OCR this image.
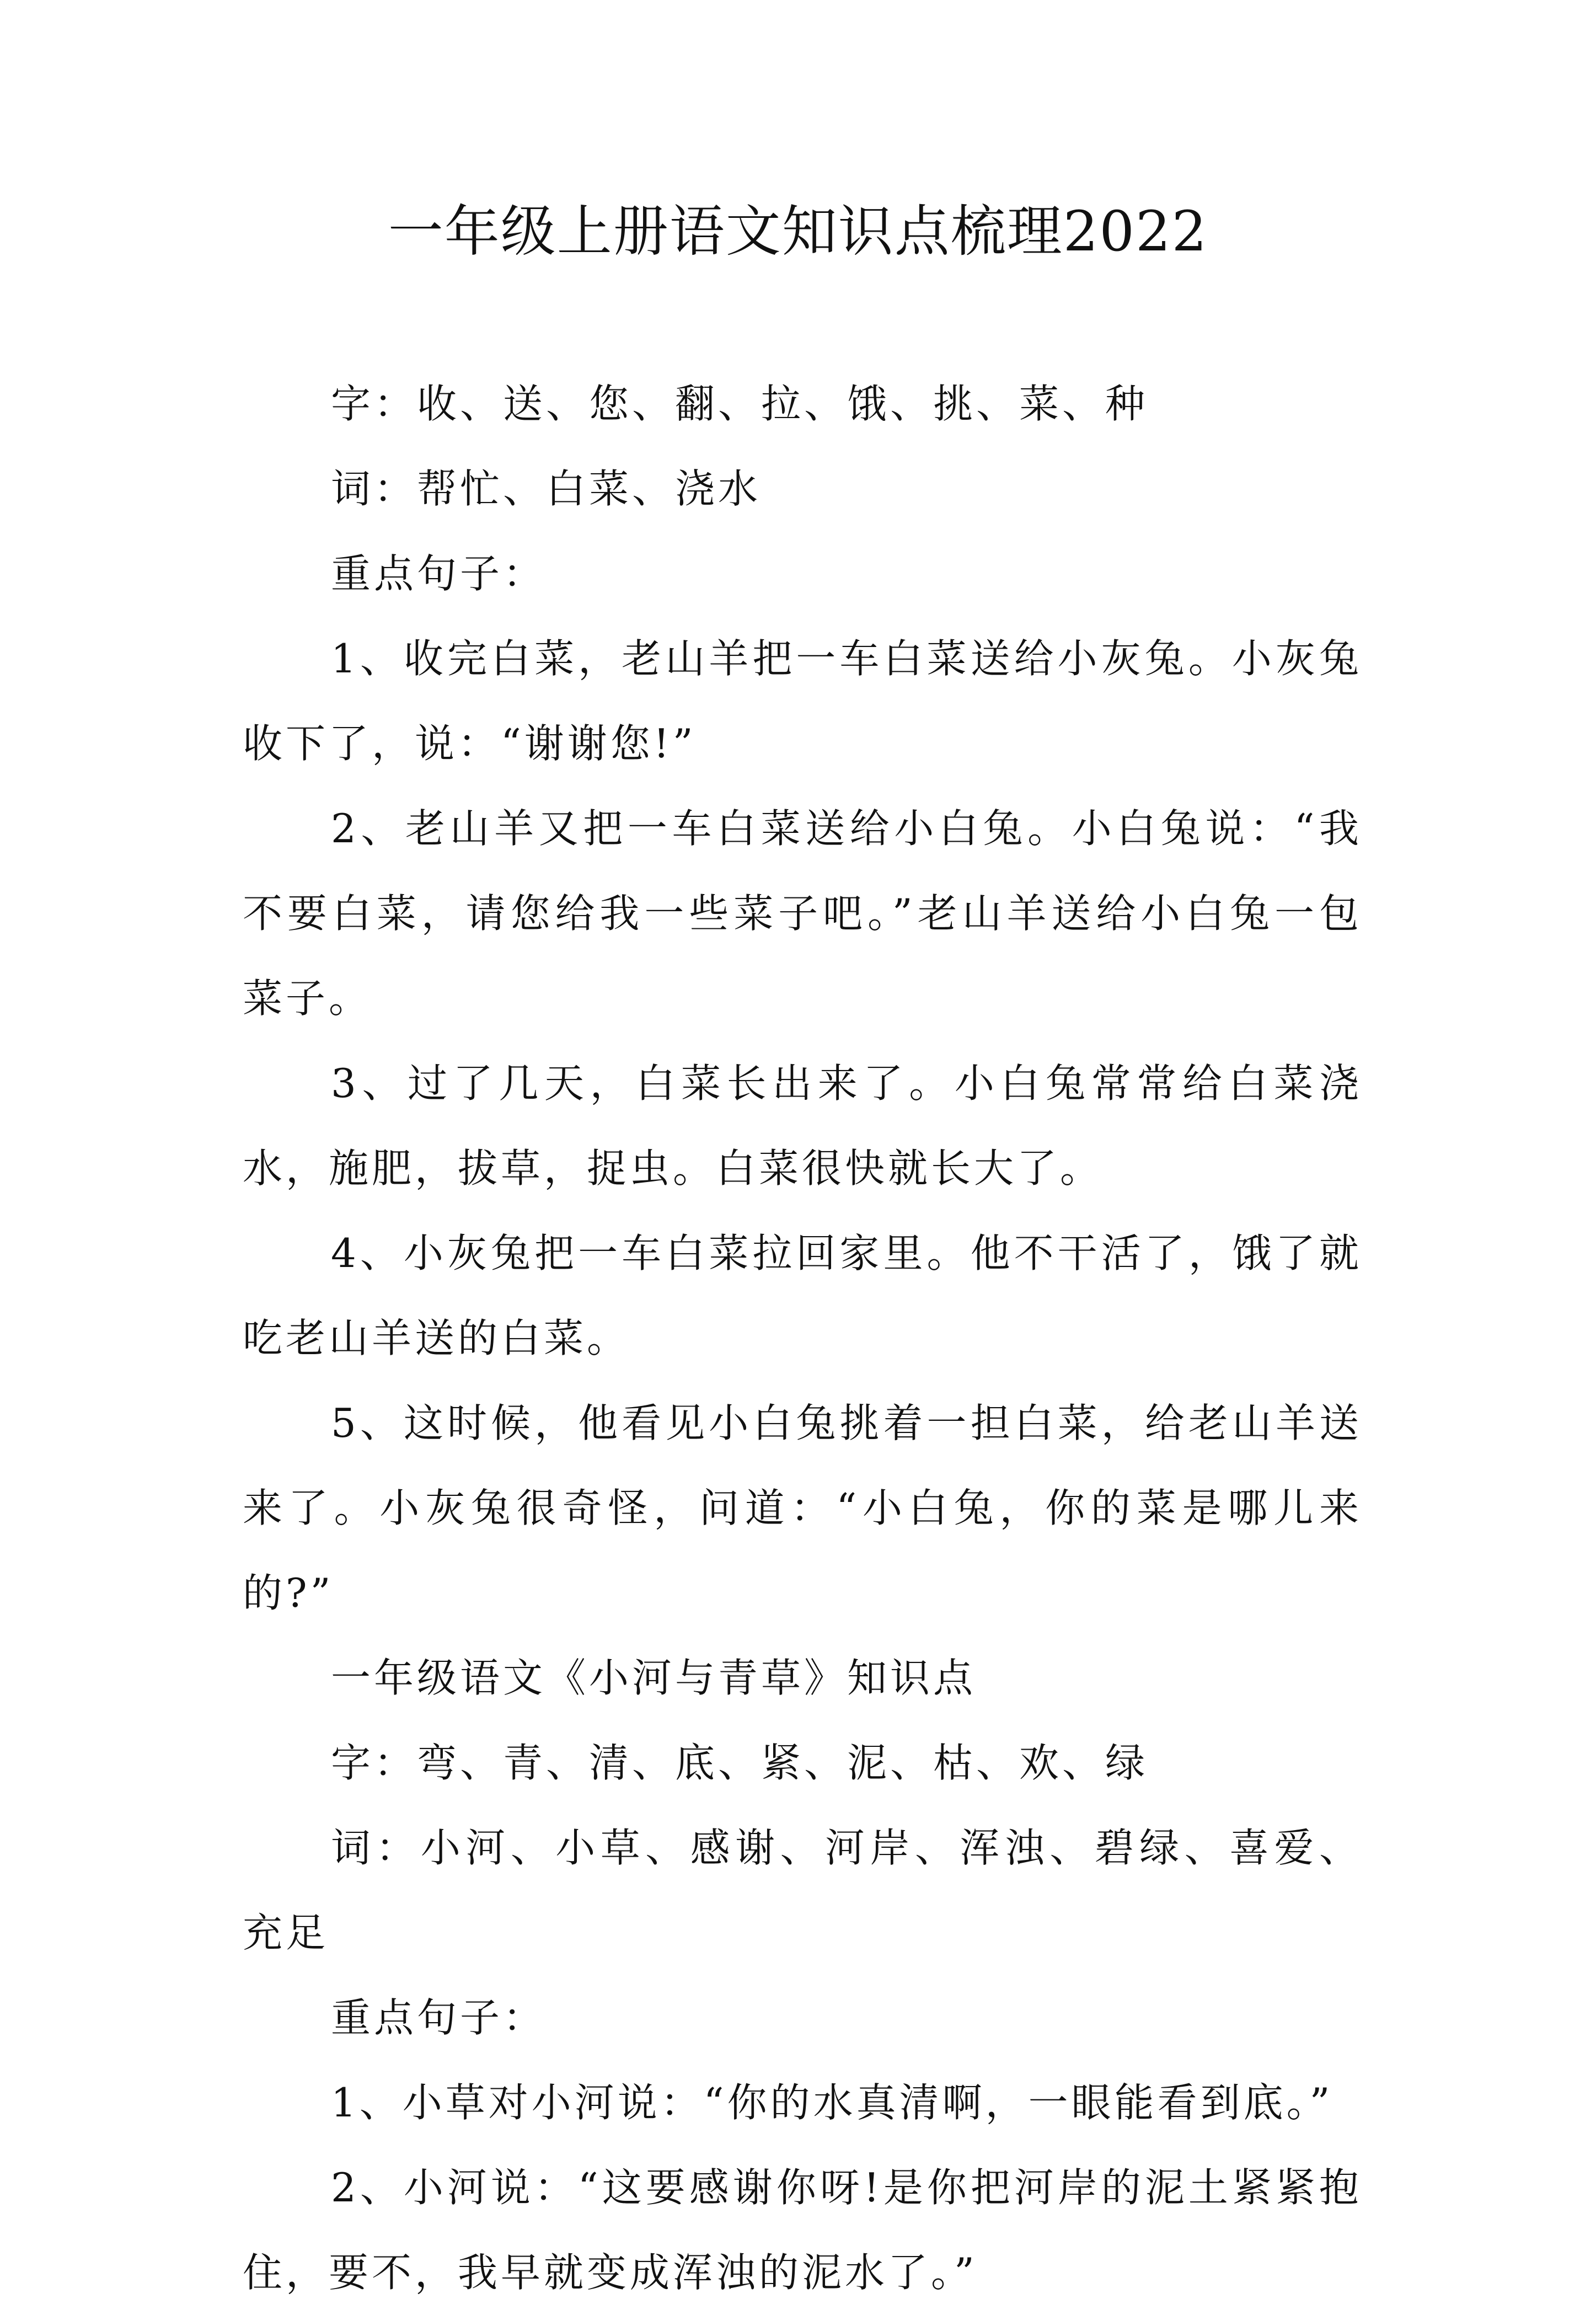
一年级上册语文知识点梳理2022

字：收、送、您、翻、拉、饿、挑、菜、种

词：帮忙、白菜、浇水

重点句子：

1、收完白菜，老山羊把一车白菜送给小灰兔。小灰兔收下了，说：“谢谢您!”

2、老山羊又把一车白菜送给小白兔。小白兔说：“我不要白菜，请您给我一些菜子吧。”老山羊送给小白兔一包菜子。

3、过了几天，白菜长出来了。小白兔常常给白菜浇水，施肥，拔草，捉虫。白菜很快就长大了。

4、小灰兔把一车白菜拉回家里。他不干活了，饿了就吃老山羊送的白菜。

5、这时候，他看见小白兔挑着一担白菜，给老山羊送来了。小灰兔很奇怪，问道：“小白兔，你的菜是哪儿来的?”

一年级语文《小河与青草》知识点

字：弯、青、清、底、紧、泥、枯、欢、绿

词：小河、小草、感谢、河岸、浑浊、碧绿、喜爱、充足

重点句子：

1、小草对小河说：“你的水真清啊，一眼能看到底。”

2、小河说：“这要感谢你呀!是你把河岸的泥土紧紧抱住，要不，我早就变成浑浊的泥水了。”
